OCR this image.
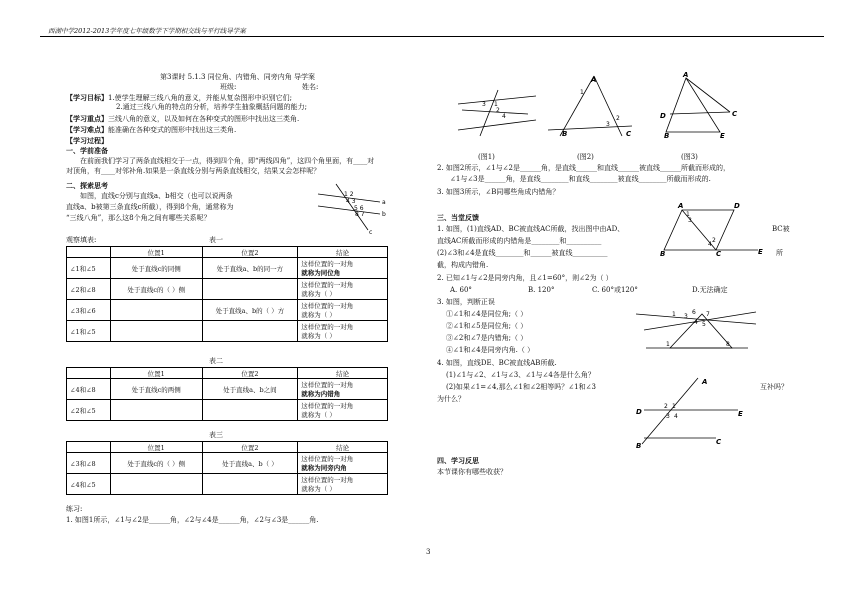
西湖中学2012-2013学年度七年级数学下学期相交线与平行线导学案
第3课时 5.1.3 同位角、内错角、同旁内角 导学案
班级:	姓名:
【学习目标】1.使学生理解三线八角的意义，并能从复杂图形中识别它们;
2.通过三线八角的特点的分析，培养学生抽象概括问题的能力;
【学习重点】三线八角的意义，以及如何在各种变式的图形中找出这三类角.
【学习难点】能准确在各种变式的图形中找出这三类角.
【学习过程】
一、学前准备
在前面我们学习了两条直线相交于一点，得到四个角，即“两线四角”，这四个角里面，有____对
对顶角，有____对邻补角.如果是一条直线分别与两条直线相交，结果又会怎样呢？
二、探索思考
如图，直线c分别与直线a、b相交（也可以说两条
直线a、b被第三条直线c所截），得到8个角，通常称为
“三线八角”，那么这8个角之间有哪些关系呢？
1 2
4 3
5 6
8 7
a
b
c
观察填表:	表一
	位置1	位置2	结论
∠1和∠5	处于直线c的同侧	处于直线a、b的同一方	这样位置的一对角
就称为同位角

∠2和∠8	处于直线c的（ ）侧		这样位置的一对角
就称为（ ）

∠3和∠6		处于直线a、b的（ ）方	这样位置的一对角
就称为（ ）

∠1和∠5			这样位置的一对角
就称为（ ）
表二
	位置1	位置2	结论
∠4和∠8	处于直线c的两侧	处于直线a、b之间	这样位置的一对角
就称为内错角

∠2和∠5			这样位置的一对角
就称为（ ）
表三
	位置1	位置2	结论
∠3和∠8	处于直线c的（ ）侧	处于直线a、b（ ）	这样位置的一对角
就称为同旁内角

∠4和∠5			这样位置的一对角
就称为（ ）
练习:
1. 如图1所示，∠1与∠2是______角，∠2与∠4是______角，∠2与∠3是______角.
3 1
2
4
A
1
2
3
B	C
A
D	C
B	E
(图1)	(图2)	(图3)
2. 如图2所示，∠1与∠2是______角，是直线______和直线______被直线______所截而形成的，
∠1与∠3是______角，是直线________和直线________被直线________所截而形成的.
3. 如图3所示，∠B同哪些角成内错角？
三、当堂反馈
1. 如图，(1)直线AD、BC被直线AC所截，找出图中由AD、	BC被
直线AC所截而形成的内错角是________和__________
(2)∠3和∠4是直线________和______被直线__________	所
截，构成内错角.
A	D
B	C	E
1
3
4
2
2. 已知∠1与∠2是同旁内角，且∠1=60°，则∠2为（ ）
A. 60°	B. 120°	C. 60°或120°	D.无法确定
3. 如图，判断正误
①∠1和∠4是同位角;（ ）
②∠1和∠5是同位角;（ ）
③∠2和∠7是内错角;（ ）
④∠1和∠4是同旁内角.（ ）
1 3
6 7
4 5
1	8
4. 如图，直线DE、BC被直线AB所截.
(1)∠1与∠2、∠1与∠3、∠1与∠4各是什么角？
(2)如果∠1=∠4,那么∠1和∠2相等吗？∠1和∠3	互补吗？
为什么？
A
D	E
B	C
2 1
3 4
四、学习反思
本节课你有哪些收获？
3
